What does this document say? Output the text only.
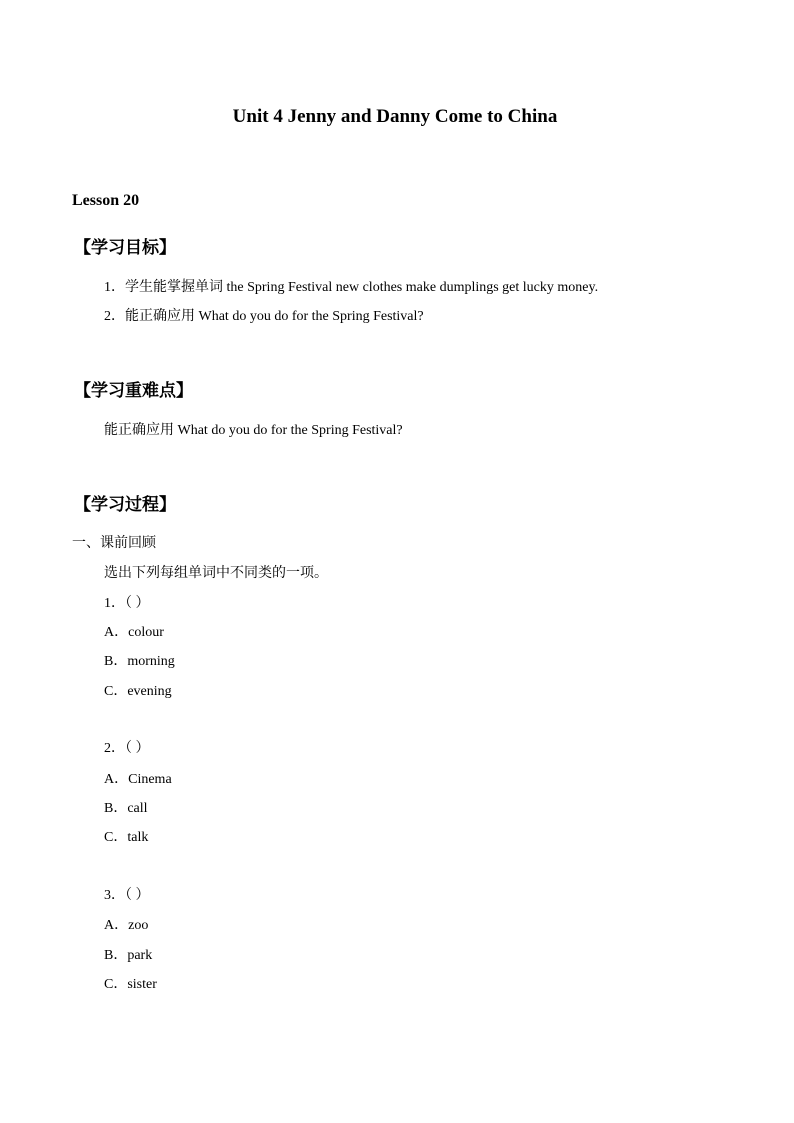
Unit 4 Jenny and Danny Come to China
Lesson 20
【学习目标】
1．学生能掌握单词 the Spring Festival new clothes make dumplings get lucky money.
2．能正确应用 What do you do for the Spring Festival?
【学习重难点】
能正确应用 What do you do for the Spring Festival?
【学习过程】
一、课前回顾
选出下列每组单词中不同类的一项。
1．（ ）
A．colour
B．morning
C．evening
2．（ ）
A．Cinema
B．call
C．talk
3．（ ）
A．zoo
B．park
C．sister
